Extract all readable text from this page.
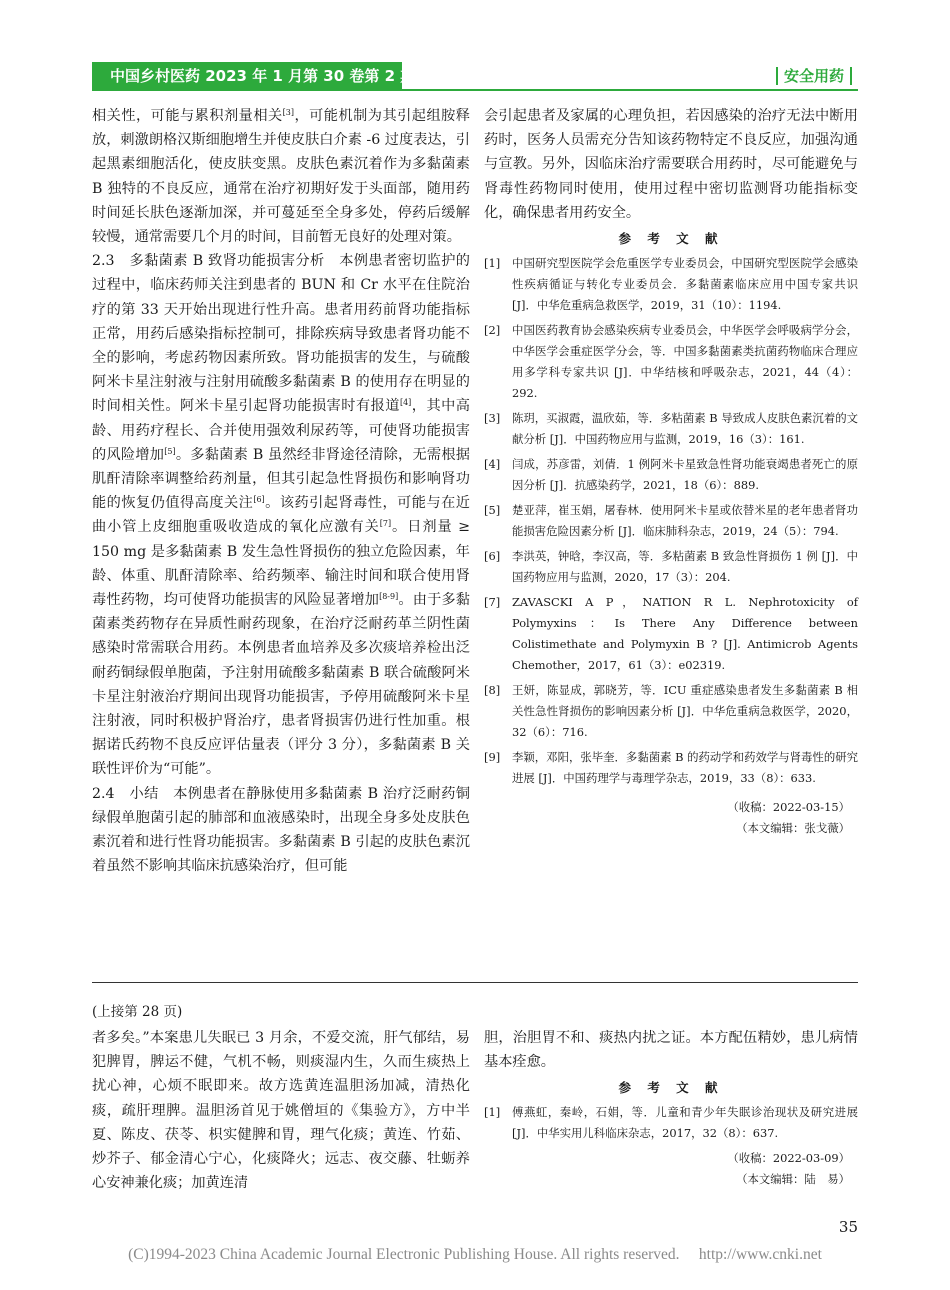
中国乡村医药 2023 年 1 月第 30 卷第 2 期	安全用药

相关性，可能与累积剂量相关[3]，可能机制为其引起组胺释放，刺激朗格汉斯细胞增生并使皮肤白介素 -6 过度表达，引起黑素细胞活化，使皮肤变黑。皮肤色素沉着作为多黏菌素 B 独特的不良反应，通常在治疗初期好发于头面部，随用药时间延长肤色逐渐加深，并可蔓延至全身多处，停药后缓解较慢，通常需要几个月的时间，目前暂无良好的处理对策。

2.3　多黏菌素 B 致肾功能损害分析　本例患者密切监护的过程中，临床药师关注到患者的 BUN 和 Cr 水平在住院治疗的第 33 天开始出现进行性升高。患者用药前肾功能指标正常，用药后感染指标控制可，排除疾病导致患者肾功能不全的影响，考虑药物因素所致。肾功能损害的发生，与硫酸阿米卡星注射液与注射用硫酸多黏菌素 B 的使用存在明显的时间相关性。阿米卡星引起肾功能损害时有报道[4]，其中高龄、用药疗程长、合并使用强效利尿药等，可使肾功能损害的风险增加[5]。多黏菌素 B 虽然经非肾途径清除，无需根据肌酐清除率调整给药剂量，但其引起急性肾损伤和影响肾功能的恢复仍值得高度关注[6]。该药引起肾毒性，可能与在近曲小管上皮细胞重吸收造成的氧化应激有关[7]。日剂量 ≥ 150 mg 是多黏菌素 B 发生急性肾损伤的独立危险因素，年龄、体重、肌酐清除率、给药频率、输注时间和联合使用肾毒性药物，均可使肾功能损害的风险显著增加[8-9]。由于多黏菌素类药物存在异质性耐药现象，在治疗泛耐药革兰阴性菌感染时常需联合用药。本例患者血培养及多次痰培养检出泛耐药铜绿假单胞菌，予注射用硫酸多黏菌素 B 联合硫酸阿米卡星注射液治疗期间出现肾功能损害，予停用硫酸阿米卡星注射液，同时积极护肾治疗，患者肾损害仍进行性加重。根据诺氏药物不良反应评估量表（评分 3 分），多黏菌素 B 关联性评价为“可能”。

2.4　小结　本例患者在静脉使用多黏菌素 B 治疗泛耐药铜绿假单胞菌引起的肺部和血液感染时，出现全身多处皮肤色素沉着和进行性肾功能损害。多黏菌素 B 引起的皮肤色素沉着虽然不影响其临床抗感染治疗，但可能

会引起患者及家属的心理负担，若因感染的治疗无法中断用药时，医务人员需充分告知该药物特定不良反应，加强沟通与宣教。另外，因临床治疗需要联合用药时，尽可能避免与肾毒性药物同时使用，使用过程中密切监测肾功能指标变化，确保患者用药安全。

参 考 文 献
[1]	中国研究型医院学会危重医学专业委员会，中国研究型医院学会感染性疾病循证与转化专业委员会．多黏菌素临床应用中国专家共识 [J]．中华危重病急救医学，2019，31（10）：1194.
[2]	中国医药教育协会感染疾病专业委员会，中华医学会呼吸病学分会，中华医学会重症医学分会，等．中国多黏菌素类抗菌药物临床合理应用多学科专家共识 [J]．中华结核和呼吸杂志，2021，44（4）：292.
[3]	陈玥，买淑霞，温欣茹，等．多粘菌素 B 导致成人皮肤色素沉着的文献分析 [J]．中国药物应用与监测，2019，16（3）：161.
[4]	闫成，苏彦雷，刘倩．1 例阿米卡星致急性肾功能衰竭患者死亡的原因分析 [J]．抗感染药学，2021，18（6）：889.
[5]	楚亚萍，崔玉娟，屠春林．使用阿米卡星或依替米星的老年患者肾功能损害危险因素分析 [J]．临床肺科杂志，2019，24（5）：794.
[6]	李洪英，钟晗，李汉高，等．多粘菌素 B 致急性肾损伤 1 例 [J]．中国药物应用与监测，2020，17（3）：204.
[7]	ZAVASCKI A P，NATION R L. Nephrotoxicity of Polymyxins：Is There Any Difference between Colistimethate and Polymyxin B ? [J]. Antimicrob Agents Chemother，2017，61（3）：e02319.
[8]	王妍，陈显成，郭晓芳，等．ICU 重症感染患者发生多黏菌素 B 相关性急性肾损伤的影响因素分析 [J]．中华危重病急救医学，2020，32（6）：716.
[9]	李颖，邓阳，张毕奎．多黏菌素 B 的药动学和药效学与肾毒性的研究进展 [J]．中国药理学与毒理学杂志，2019，33（8）：633.
（收稿：2022-03-15）
（本文编辑：张戈薇）
(上接第 28 页)

者多矣。”本案患儿失眠已 3 月余，不爱交流，肝气郁结，易犯脾胃，脾运不健，气机不畅，则痰湿内生，久而生痰热上扰心神，心烦不眠即来。故方选黄连温胆汤加减，清热化痰，疏肝理脾。温胆汤首见于姚僧垣的《集验方》，方中半夏、陈皮、茯苓、枳实健脾和胃，理气化痰；黄连、竹茹、炒芥子、郁金清心宁心，化痰降火；远志、夜交藤、牡蛎养心安神兼化痰；加黄连清

胆，治胆胃不和、痰热内扰之证。本方配伍精妙，患儿病情基本痊愈。

参 考 文 献
[1]	傅燕虹，秦岭，石娟，等．儿童和青少年失眠诊治现状及研究进展 [J]．中华实用儿科临床杂志，2017，32（8）：637.
（收稿：2022-03-09）
（本文编辑：陆　易）
35
(C)1994-2023 China Academic Journal Electronic Publishing House. All rights reserved.　 http://www.cnki.net
